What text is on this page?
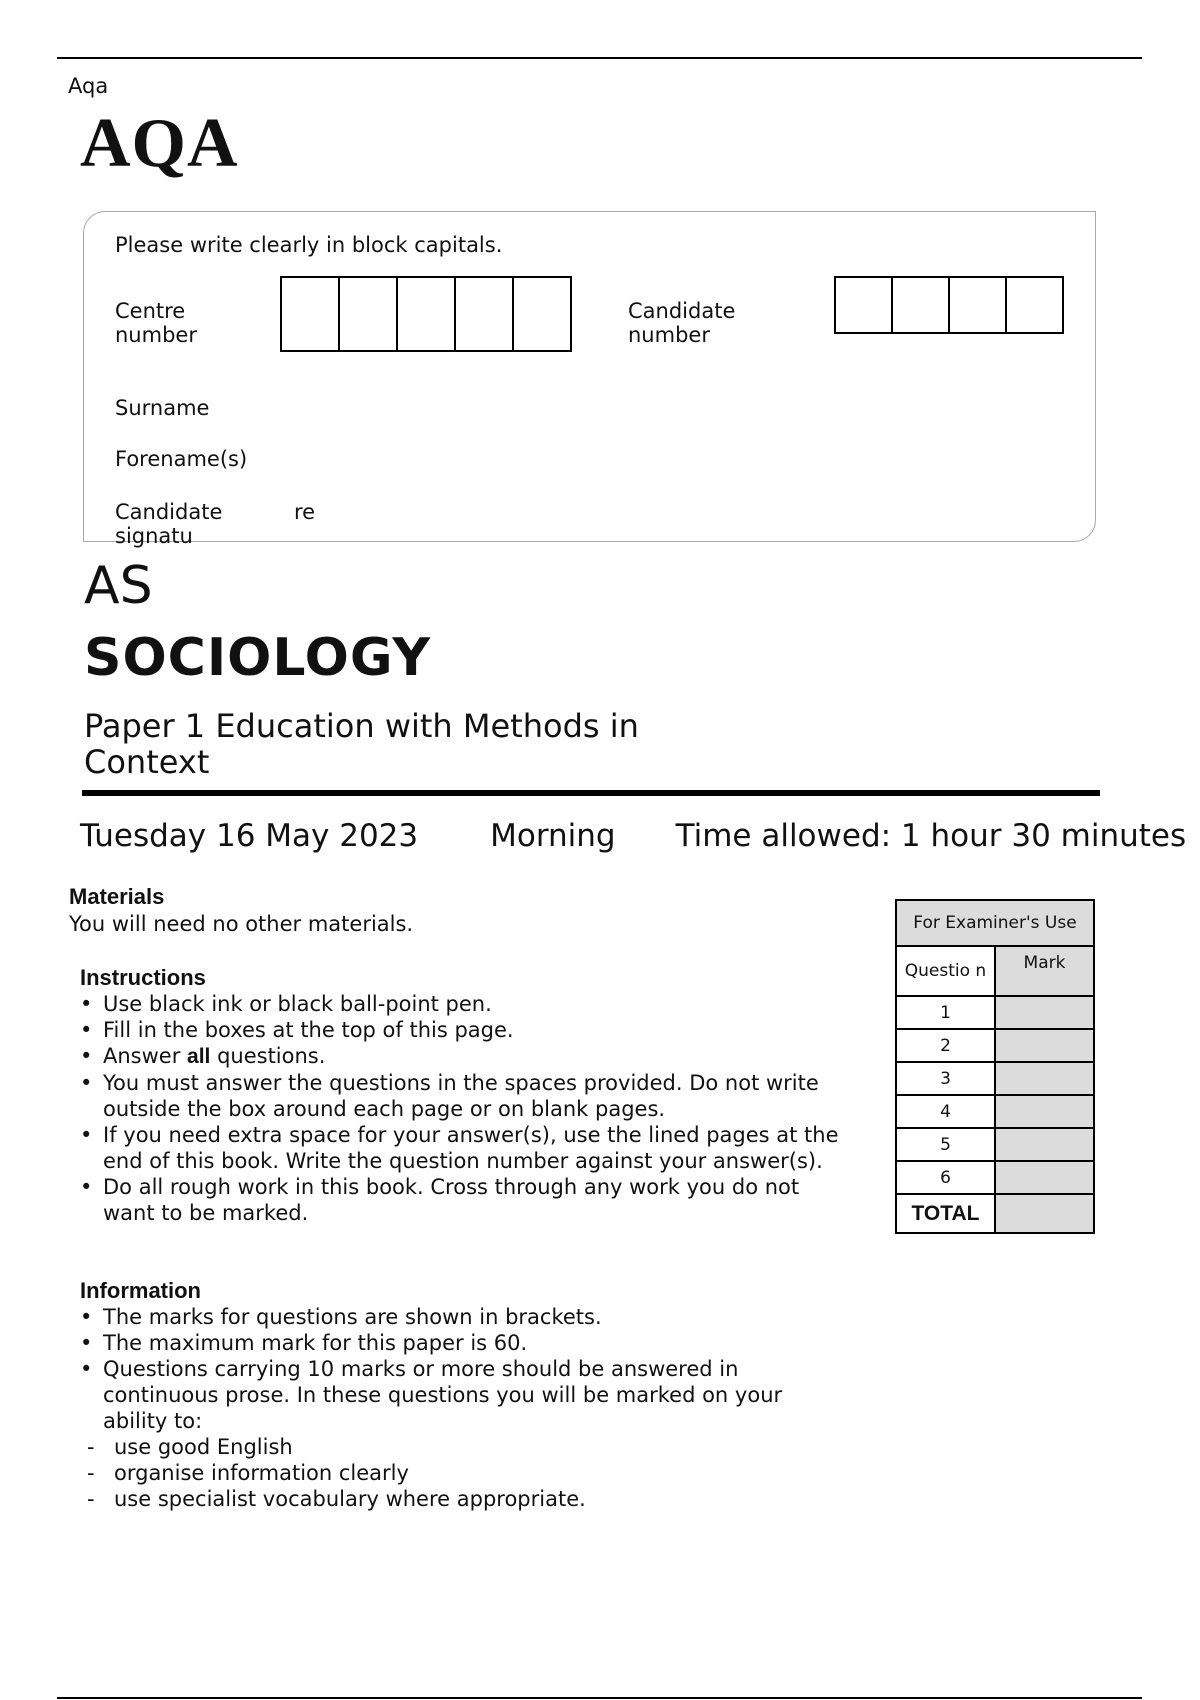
Aqa
AQA
Please write clearly in block capitals.
Centre number
Candidate number
Surname
Forename(s)
Candidate signatu
re
AS
SOCIOLOGY
Paper 1 Education with Methods in Context
Tuesday 16 May 2023 Morning Time allowed: 1 hour 30 minutes
Materials
You will need no other materials.
Instructions
• Use black ink or black ball-point pen.
• Fill in the boxes at the top of this page.
• Answer all questions.
• You must answer the questions in the spaces provided. Do not write outside the box around each page or on blank pages.
• If you need extra space for your answer(s), use the lined pages at the end of this book. Write the question number against your answer(s).
• Do all rough work in this book. Cross through any work you do not want to be marked.
Information
• The marks for questions are shown in brackets.
• The maximum mark for this paper is 60.
• Questions carrying 10 marks or more should be answered in continuous prose. In these questions you will be marked on your ability to:
- use good English
- organise information clearly
- use specialist vocabulary where appropriate.
For Examiner's Use	
Questio n	Mark
1	
2	
3	
4	
5	
6	
TOTAL	
